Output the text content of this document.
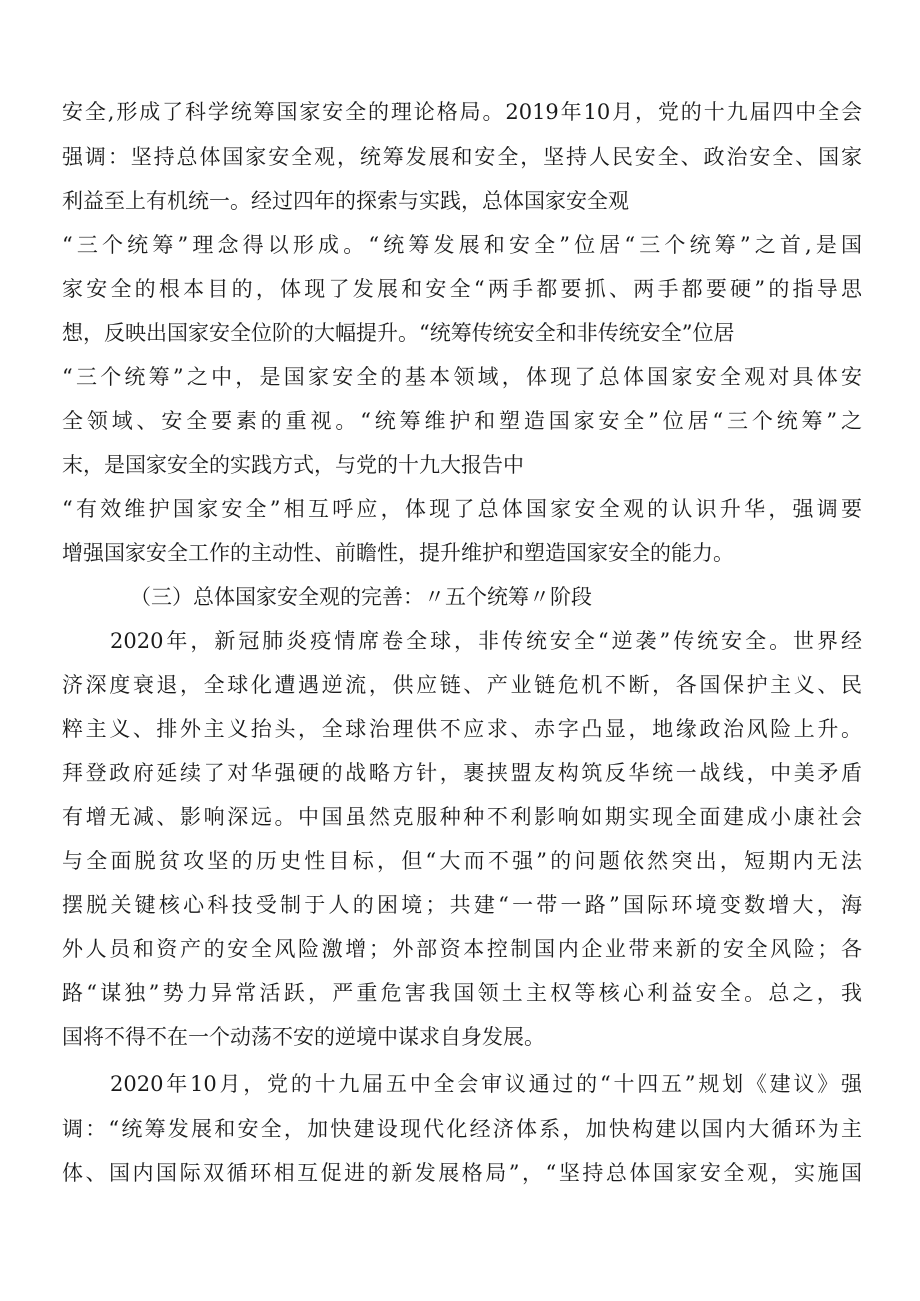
安全,形成了科学统筹国家安全的理论格局。2019年10月，党的十九届四中全会
强调：坚持总体国家安全观，统筹发展和安全，坚持人民安全、政治安全、国家
利益至上有机统一。经过四年的探索与实践，总体国家安全观
“三个统筹”理念得以形成。“统筹发展和安全”位居“三个统筹”之首,是国
家安全的根本目的，体现了发展和安全“两手都要抓、两手都要硬”的指导思
想，反映出国家安全位阶的大幅提升。“统筹传统安全和非传统安全”位居
“三个统筹”之中，是国家安全的基本领域，体现了总体国家安全观对具体安
全领域、安全要素的重视。“统筹维护和塑造国家安全”位居“三个统筹”之
末，是国家安全的实践方式，与党的十九大报告中
“有效维护国家安全”相互呼应，体现了总体国家安全观的认识升华，强调要
增强国家安全工作的主动性、前瞻性，提升维护和塑造国家安全的能力。
（三）总体国家安全观的完善：〃五个统筹〃阶段
2020年，新冠肺炎疫情席卷全球，非传统安全“逆袭”传统安全。世界经
济深度衰退，全球化遭遇逆流，供应链、产业链危机不断，各国保护主义、民
粹主义、排外主义抬头，全球治理供不应求、赤字凸显，地缘政治风险上升。
拜登政府延续了对华强硬的战略方针，裹挟盟友构筑反华统一战线，中美矛盾
有增无减、影响深远。中国虽然克服种种不利影响如期实现全面建成小康社会
与全面脱贫攻坚的历史性目标，但“大而不强”的问题依然突出，短期内无法
摆脱关键核心科技受制于人的困境；共建“一带一路”国际环境变数增大，海
外人员和资产的安全风险激增；外部资本控制国内企业带来新的安全风险；各
路“谋独”势力异常活跃，严重危害我国领土主权等核心利益安全。总之，我
国将不得不在一个动荡不安的逆境中谋求自身发展。
2020年10月，党的十九届五中全会审议通过的“十四五”规划《建议》强
调：“统筹发展和安全，加快建设现代化经济体系，加快构建以国内大循环为主
体、国内国际双循环相互促进的新发展格局”，“坚持总体国家安全观，实施国
